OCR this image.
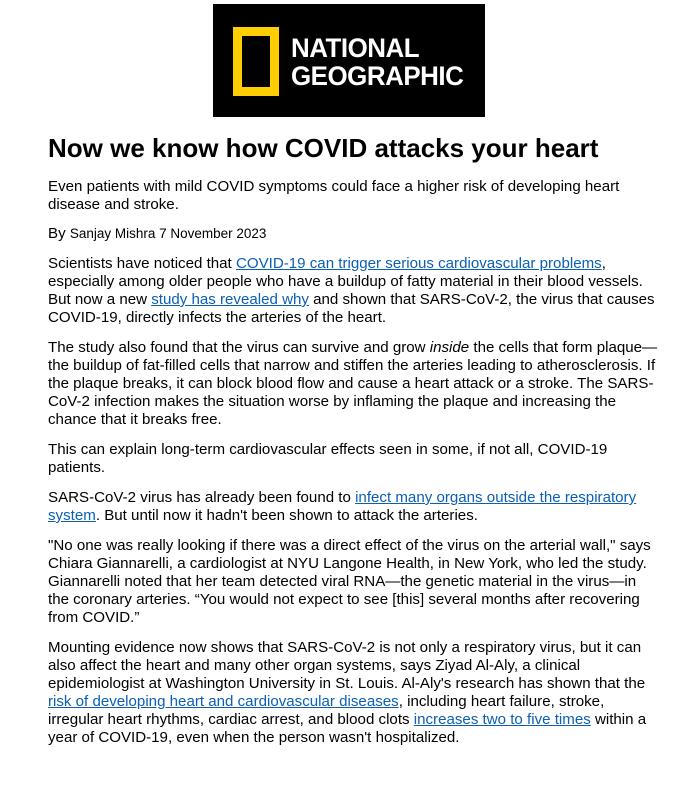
NATIONAL
GEOGRAPHIC
Now we know how COVID attacks your heart

Even patients with mild COVID symptoms could face a higher risk of developing heart disease and stroke.

By Sanjay Mishra 7 November 2023

Scientists have noticed that COVID-19 can trigger serious cardiovascular problems, especially among older people who have a buildup of fatty material in their blood vessels. But now a new study has revealed why and shown that SARS-CoV-2, the virus that causes COVID-19, directly infects the arteries of the heart.

The study also found that the virus can survive and grow inside the cells that form plaque—the buildup of fat-filled cells that narrow and stiffen the arteries leading to atherosclerosis. If the plaque breaks, it can block blood flow and cause a heart attack or a stroke. The SARS-CoV-2 infection makes the situation worse by inflaming the plaque and increasing the chance that it breaks free.

This can explain long-term cardiovascular effects seen in some, if not all, COVID-19 patients.

SARS-CoV-2 virus has already been found to infect many organs outside the respiratory system. But until now it hadn't been shown to attack the arteries.

"No one was really looking if there was a direct effect of the virus on the arterial wall," says Chiara Giannarelli, a cardiologist at NYU Langone Health, in New York, who led the study. Giannarelli noted that her team detected viral RNA—the genetic material in the virus—in the coronary arteries. “You would not expect to see [this] several months after recovering from COVID.”

Mounting evidence now shows that SARS-CoV-2 is not only a respiratory virus, but it can also affect the heart and many other organ systems, says Ziyad Al-Aly, a clinical epidemiologist at Washington University in St. Louis. Al-Aly's research has shown that the risk of developing heart and cardiovascular diseases, including heart failure, stroke, irregular heart rhythms, cardiac arrest, and blood clots increases two to five times within a year of COVID-19, even when the person wasn't hospitalized.
